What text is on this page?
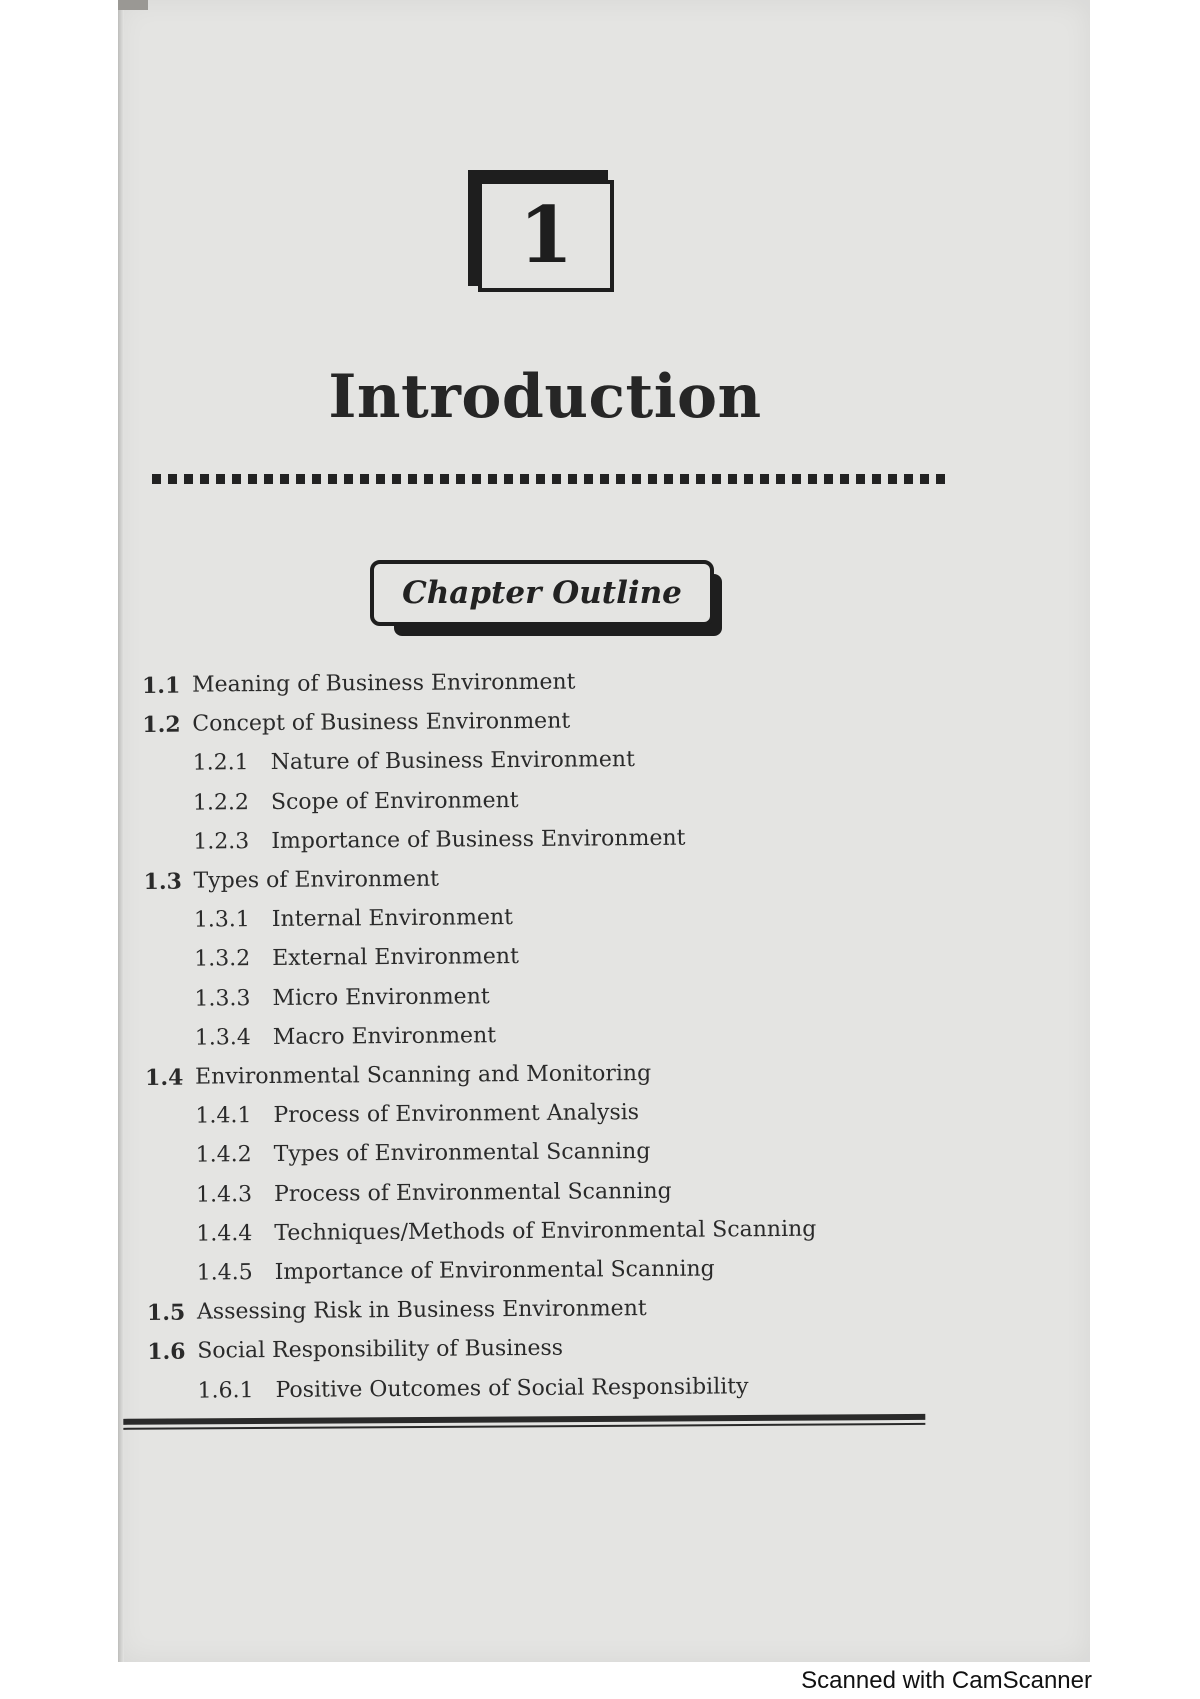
1
Introduction
Chapter Outline
1.1 Meaning of Business Environment
1.2 Concept of Business Environment
1.2.1 Nature of Business Environment
1.2.2 Scope of Environment
1.2.3 Importance of Business Environment
1.3 Types of Environment
1.3.1 Internal Environment
1.3.2 External Environment
1.3.3 Micro Environment
1.3.4 Macro Environment
1.4 Environmental Scanning and Monitoring
1.4.1 Process of Environment Analysis
1.4.2 Types of Environmental Scanning
1.4.3 Process of Environmental Scanning
1.4.4 Techniques/Methods of Environmental Scanning
1.4.5 Importance of Environmental Scanning
1.5 Assessing Risk in Business Environment
1.6 Social Responsibility of Business
1.6.1 Positive Outcomes of Social Responsibility
Scanned with CamScanner
